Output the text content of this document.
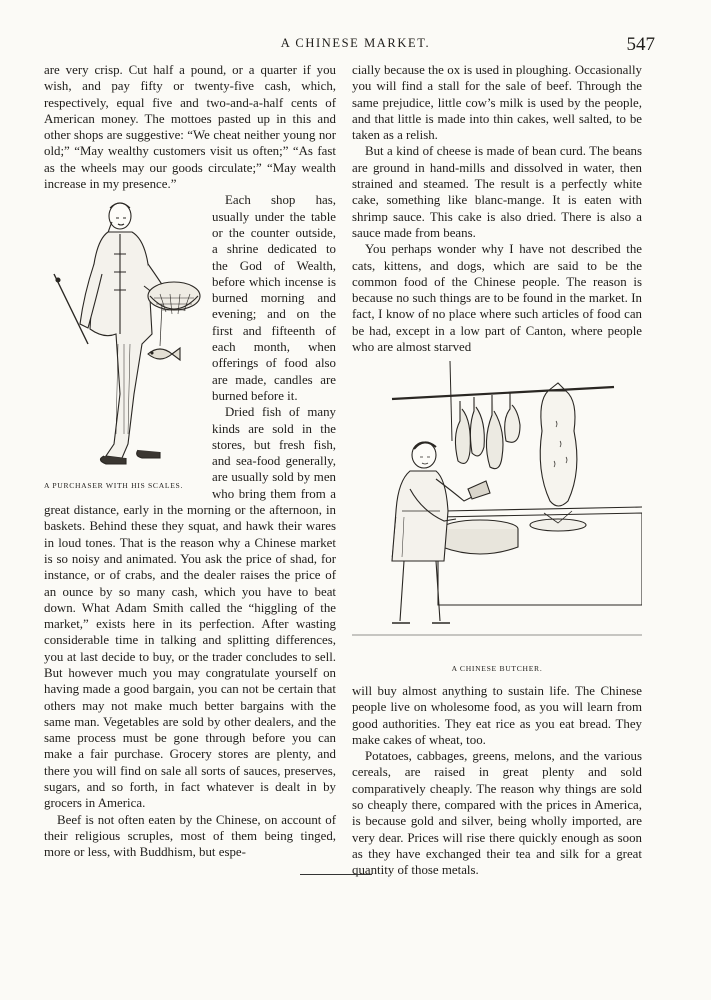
A CHINESE MARKET.	547

are very crisp. Cut half a pound, or a quarter if you wish, and pay fifty or twenty-five cash, which, respectively, equal five and two-and-a-half cents of American money. The mottoes pasted up in this and other shops are suggestive: “We cheat neither young nor old;” “May wealthy customers visit us often;” “As fast as the wheels may our goods circulate;” “May wealth increase in my presence.”

A PURCHASER WITH HIS SCALES.

Each shop has, usually under the table or the counter outside, a shrine dedicated to the God of Wealth, before which incense is burned morning and evening; and on the first and fifteenth of each month, when offerings of food also are made, candles are burned before it.

Dried fish of many kinds are sold in the stores, but fresh fish, and sea-food generally, are usually sold by men who bring them from a great distance, early in the morning or the afternoon, in baskets. Behind these they squat, and hawk their wares in loud tones. That is the reason why a Chinese market is so noisy and animated. You ask the price of shad, for instance, or of crabs, and the dealer raises the price of an ounce by so many cash, which you have to beat down. What Adam Smith called the “higgling of the market,” exists here in its perfection. After wasting considerable time in talking and splitting differences, you at last decide to buy, or the trader concludes to sell. But however much you may congratulate yourself on having made a good bargain, you can not be certain that others may not make much better bargains with the same man. Vegetables are sold by other dealers, and the same process must be gone through before you can make a fair purchase. Grocery stores are plenty, and there you will find on sale all sorts of sauces, preserves, sugars, and so forth, in fact whatever is dealt in by grocers in America.

Beef is not often eaten by the Chinese, on account of their religious scruples, most of them being tinged, more or less, with Buddhism, but espe-

cially because the ox is used in ploughing. Occasionally you will find a stall for the sale of beef. Through the same prejudice, little cow’s milk is used by the people, and that little is made into thin cakes, well salted, to be taken as a relish.

But a kind of cheese is made of bean curd. The beans are ground in hand-mills and dissolved in water, then strained and steamed. The result is a perfectly white cake, something like blanc-mange. It is eaten with shrimp sauce. This cake is also dried. There is also a sauce made from beans.

You perhaps wonder why I have not described the cats, kittens, and dogs, which are said to be the common food of the Chinese people. The reason is because no such things are to be found in the market. In fact, I know of no place where such articles of food can be had, except in a low part of Canton, where people who are almost starved

A CHINESE BUTCHER.

will buy almost anything to sustain life. The Chinese people live on wholesome food, as you will learn from good authorities. They eat rice as you eat bread. They make cakes of wheat, too.

Potatoes, cabbages, greens, melons, and the various cereals, are raised in great plenty and sold comparatively cheaply. The reason why things are sold so cheaply there, compared with the prices in America, is because gold and silver, being wholly imported, are very dear. Prices will rise there quickly enough as soon as they have exchanged their tea and silk for a great quantity of those metals.
